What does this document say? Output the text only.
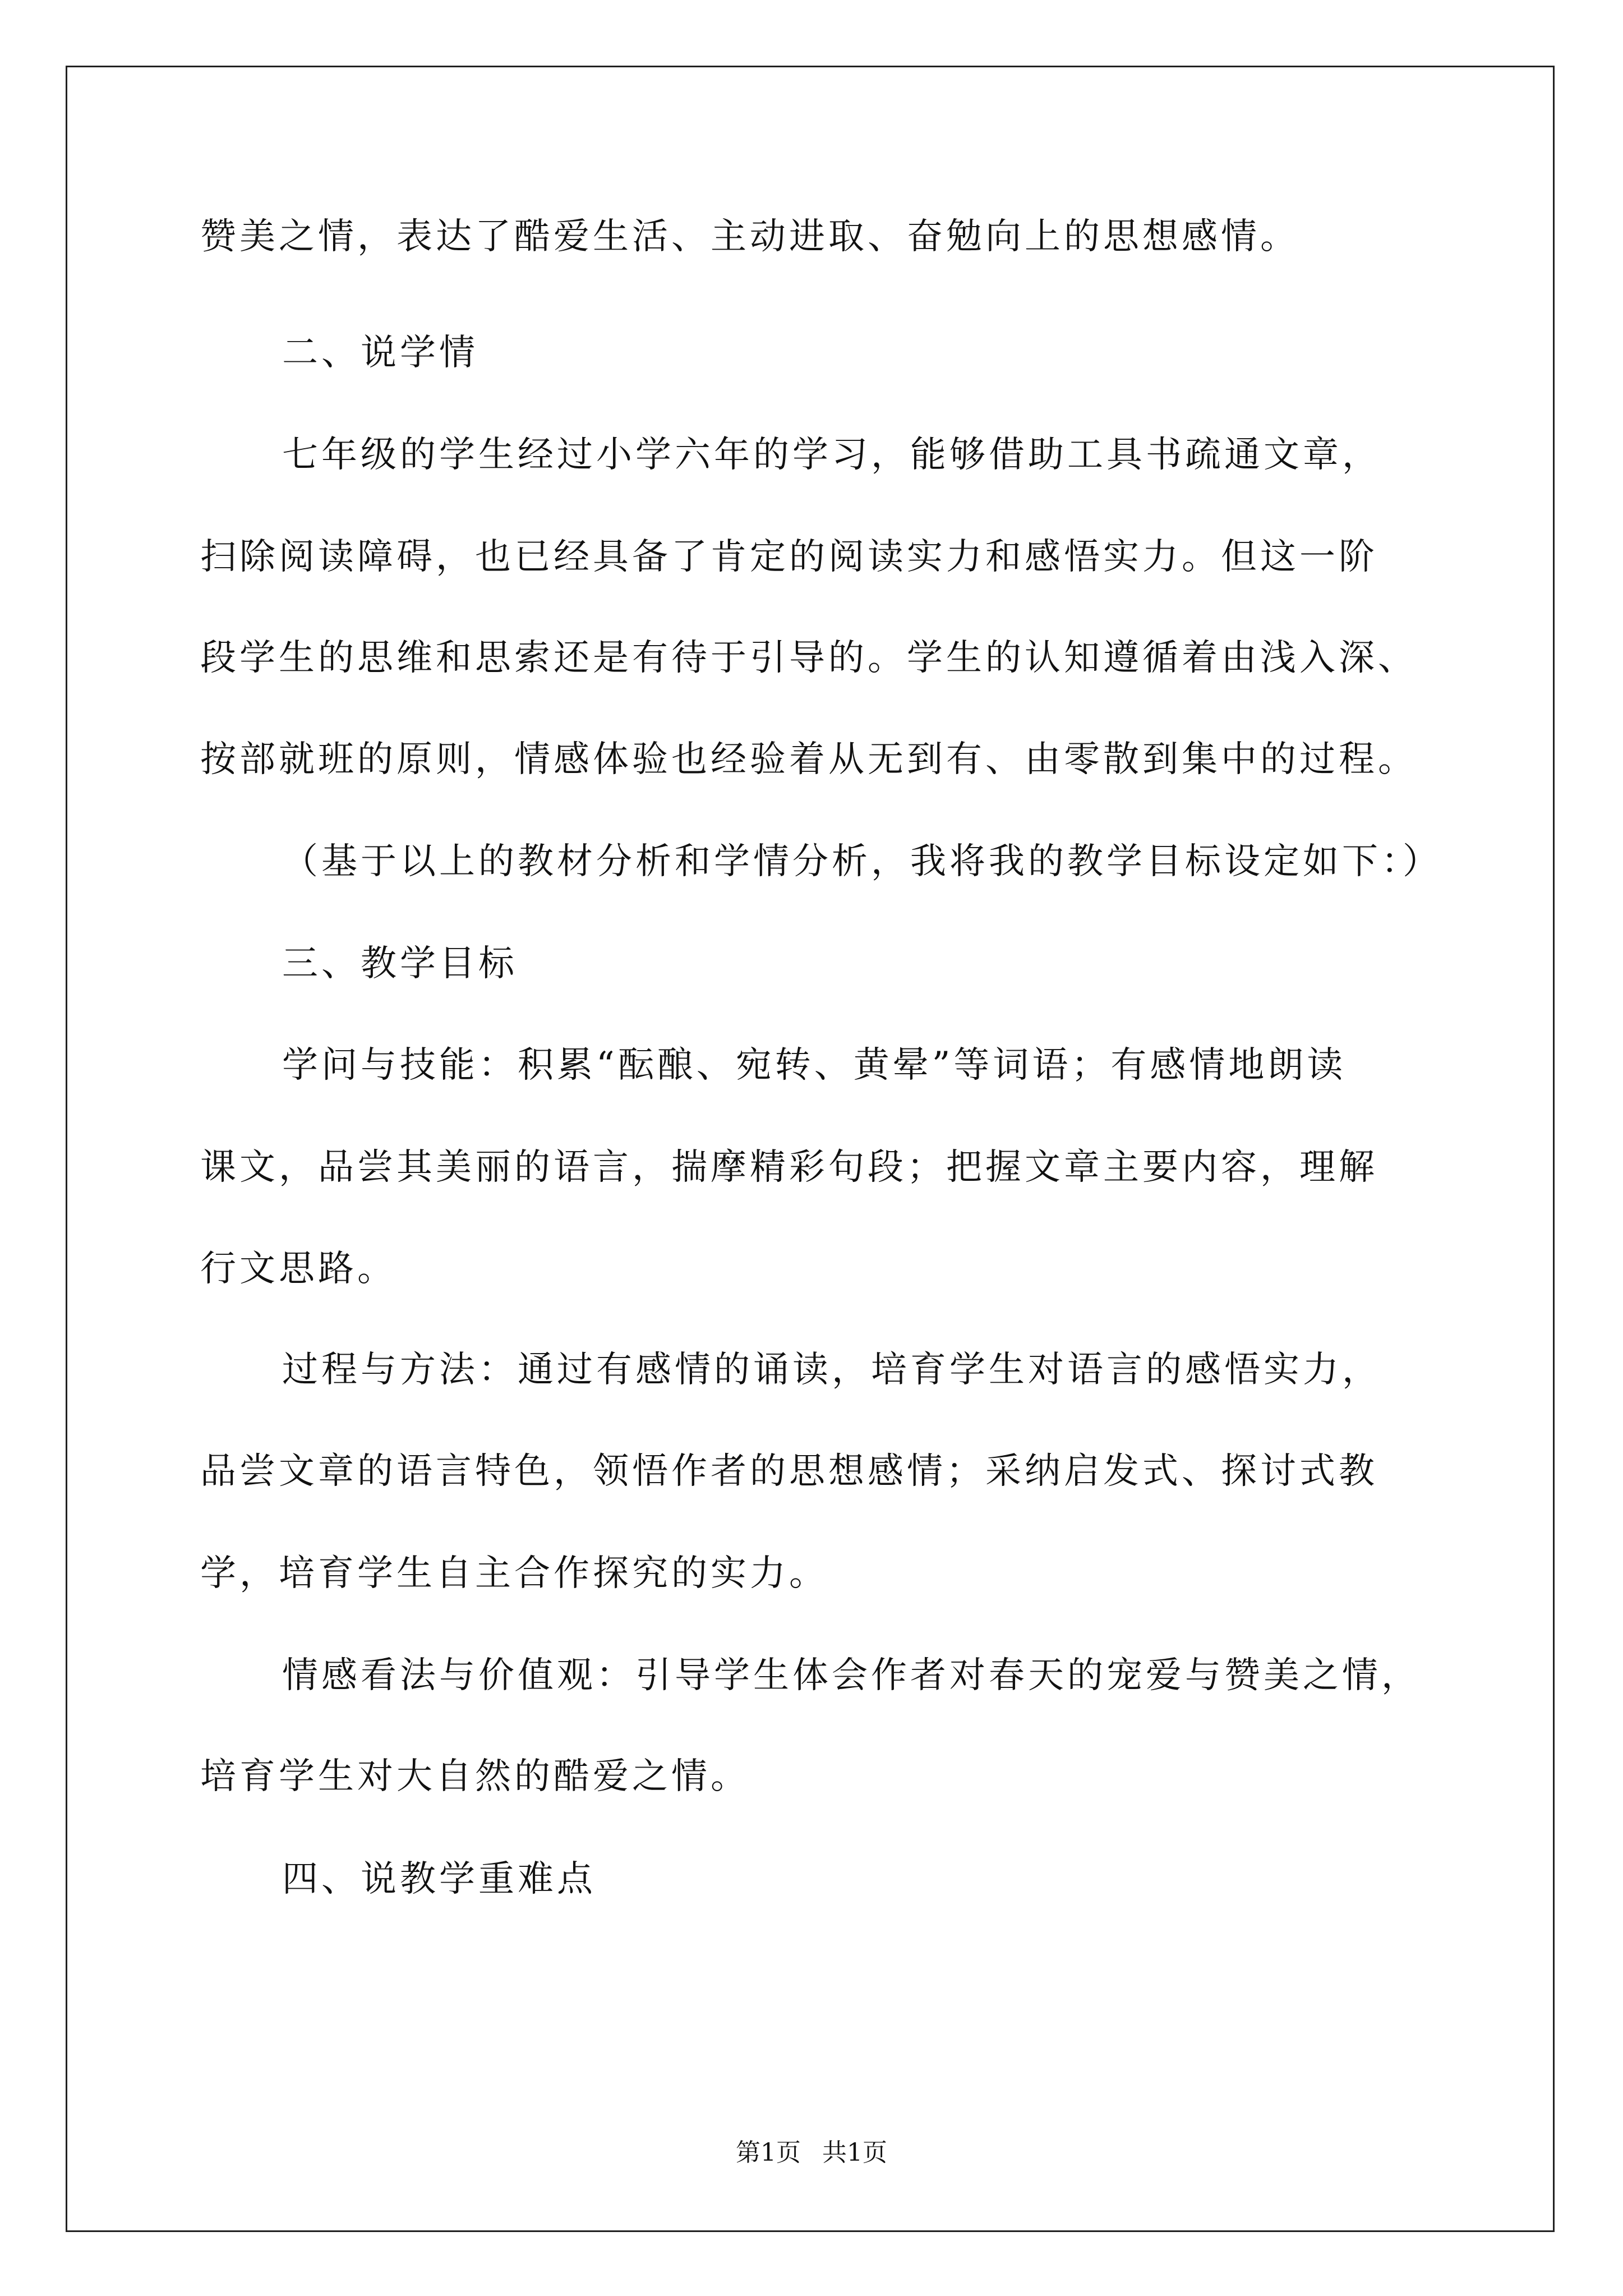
赞美之情，表达了酷爱生活、主动进取、奋勉向上的思想感情。
二、说学情
七年级的学生经过小学六年的学习，能够借助工具书疏通文章，
扫除阅读障碍，也已经具备了肯定的阅读实力和感悟实力。但这一阶
段学生的思维和思索还是有待于引导的。学生的认知遵循着由浅入深、
按部就班的原则，情感体验也经验着从无到有、由零散到集中的过程。
（基于以上的教材分析和学情分析，我将我的教学目标设定如下：）
三、教学目标
学问与技能：积累“酝酿、宛转、黄晕”等词语；有感情地朗读
课文，品尝其美丽的语言，揣摩精彩句段；把握文章主要内容，理解
行文思路。
过程与方法：通过有感情的诵读，培育学生对语言的感悟实力，
品尝文章的语言特色，领悟作者的思想感情；采纳启发式、探讨式教
学，培育学生自主合作探究的实力。
情感看法与价值观：引导学生体会作者对春天的宠爱与赞美之情，
培育学生对大自然的酷爱之情。
四、说教学重难点
第1页 共1页
